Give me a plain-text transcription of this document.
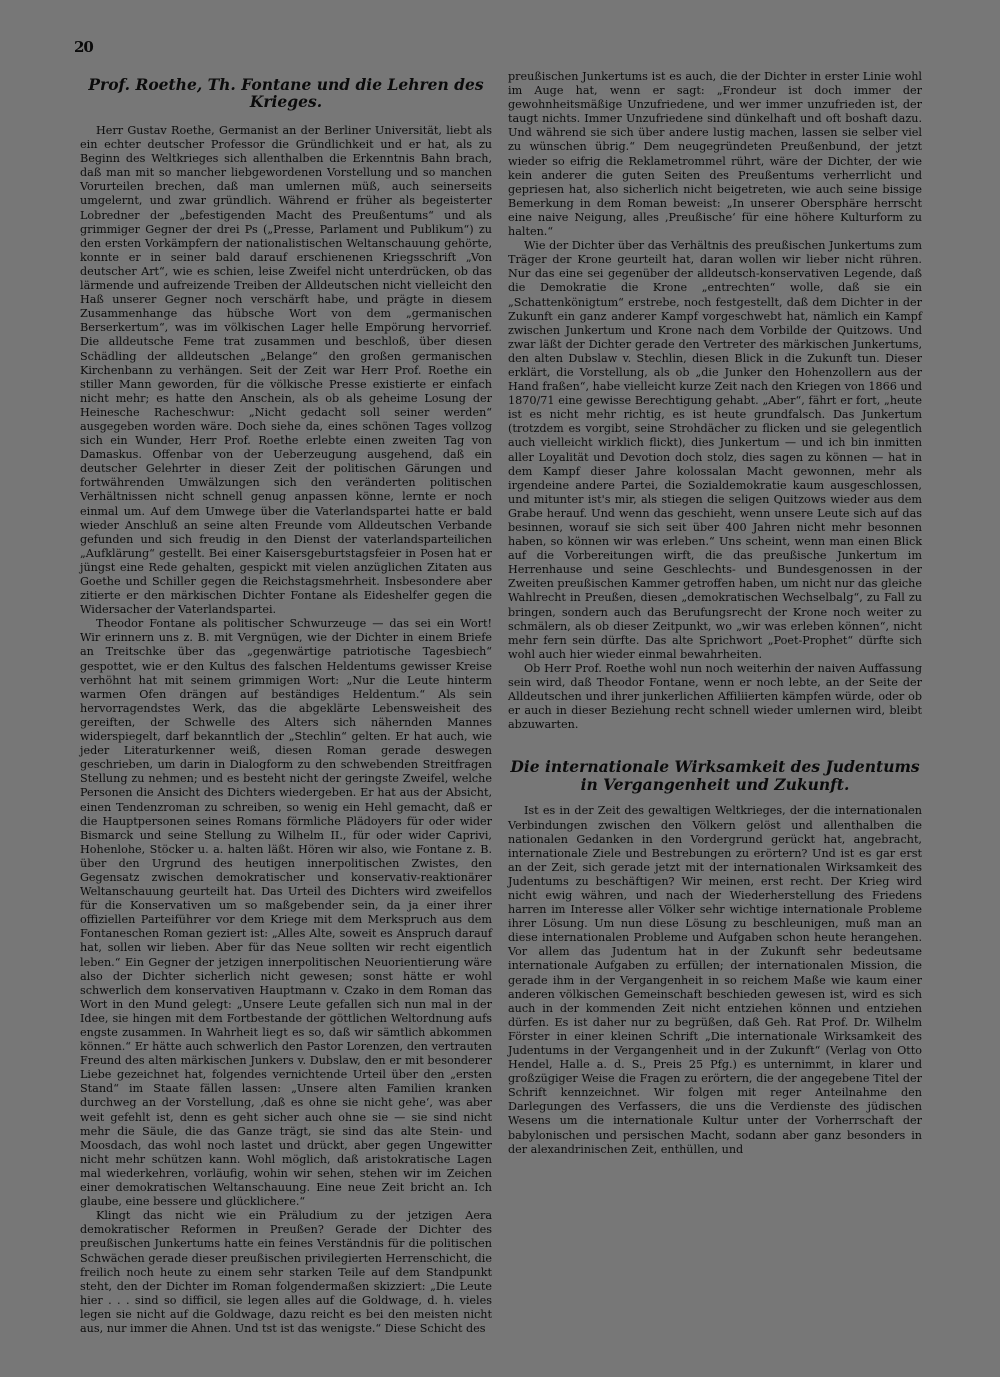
20
Prof. Roethe, Th. Fontane und die Lehren des Krieges.

Herr Gustav Roethe, Germanist an der Berliner Universität, liebt als ein echter deutscher Professor die Gründlichkeit und er hat, als zu Beginn des Weltkrieges sich allenthalben die Erkenntnis Bahn brach, daß man mit so mancher liebgewordenen Vorstellung und so manchen Vorurteilen brechen, daß man umlernen müß, auch seinerseits umgelernt, und zwar gründlich. Während er früher als begeisterter Lobredner der „befestigenden Macht des Preußentums“ und als grimmiger Gegner der drei Ps („Presse, Parlament und Publikum“) zu den ersten Vorkämpfern der nationalistischen Weltanschauung gehörte, konnte er in seiner bald darauf erschienenen Kriegsschrift „Von deutscher Art“, wie es schien, leise Zweifel nicht unterdrücken, ob das lärmende und aufreizende Treiben der Alldeutschen nicht vielleicht den Haß unserer Gegner noch verschärft habe, und prägte in diesem Zusammenhange das hübsche Wort von dem „germanischen Berserkertum“, was im völkischen Lager helle Empörung hervorrief. Die alldeutsche Feme trat zusammen und beschloß, über diesen Schädling der alldeutschen „Belange“ den großen germanischen Kirchenbann zu verhängen. Seit der Zeit war Herr Prof. Roethe ein stiller Mann geworden, für die völkische Presse existierte er einfach nicht mehr; es hatte den Anschein, als ob als geheime Losung der Heinesche Racheschwur: „Nicht gedacht soll seiner werden“ ausgegeben worden wäre. Doch siehe da, eines schönen Tages vollzog sich ein Wunder, Herr Prof. Roethe erlebte einen zweiten Tag von Damaskus. Offenbar von der Ueberzeugung ausgehend, daß ein deutscher Gelehrter in dieser Zeit der politischen Gärungen und fortwährenden Umwälzungen sich den veränderten politischen Verhältnissen nicht schnell genug anpassen könne, lernte er noch einmal um. Auf dem Umwege über die Vaterlandspartei hatte er bald wieder Anschluß an seine alten Freunde vom Alldeutschen Verbande gefunden und sich freudig in den Dienst der vaterlandsparteilichen „Aufklärung“ gestellt. Bei einer Kaisersgeburtstagsfeier in Posen hat er jüngst eine Rede gehalten, gespickt mit vielen anzüglichen Zitaten aus Goethe und Schiller gegen die Reichstagsmehrheit. Insbesondere aber zitierte er den märkischen Dichter Fontane als Eideshelfer gegen die Widersacher der Vaterlandspartei.

Theodor Fontane als politischer Schwurzeuge — das sei ein Wort! Wir erinnern uns z. B. mit Vergnügen, wie der Dichter in einem Briefe an Treitschke über das „gegenwärtige patriotische Tagesbiech“ gespottet, wie er den Kultus des falschen Heldentums gewisser Kreise verhöhnt hat mit seinem grimmigen Wort: „Nur die Leute hinterm warmen Ofen drängen auf beständiges Heldentum.“ Als sein hervorragendstes Werk, das die abgeklärte Lebensweisheit des gereiften, der Schwelle des Alters sich nähernden Mannes widerspiegelt, darf bekanntlich der „Stechlin“ gelten. Er hat auch, wie jeder Literaturkenner weiß, diesen Roman gerade deswegen geschrieben, um darin in Dialogform zu den schwebenden Streitfragen Stellung zu nehmen; und es besteht nicht der geringste Zweifel, welche Personen die Ansicht des Dichters wiedergeben. Er hat aus der Absicht, einen Tendenzroman zu schreiben, so wenig ein Hehl gemacht, daß er die Hauptpersonen seines Romans förmliche Plädoyers für oder wider Bismarck und seine Stellung zu Wilhelm II., für oder wider Caprivi, Hohenlohe, Stöcker u. a. halten läßt. Hören wir also, wie Fontane z. B. über den Urgrund des heutigen innerpolitischen Zwistes, den Gegensatz zwischen demokratischer und konservativ-reaktionärer Weltanschauung geurteilt hat. Das Urteil des Dichters wird zweifellos für die Konservativen um so maßgebender sein, da ja einer ihrer offiziellen Parteiführer vor dem Kriege mit dem Merkspruch aus dem Fontaneschen Roman geziert ist: „Alles Alte, soweit es Anspruch darauf hat, sollen wir lieben. Aber für das Neue sollten wir recht eigentlich leben.“ Ein Gegner der jetzigen innerpolitischen Neuorientierung wäre also der Dichter sicherlich nicht gewesen; sonst hätte er wohl schwerlich dem konservativen Hauptmann v. Czako in dem Roman das Wort in den Mund gelegt: „Unsere Leute gefallen sich nun mal in der Idee, sie hingen mit dem Fortbestande der göttlichen Weltordnung aufs engste zusammen. In Wahrheit liegt es so, daß wir sämtlich abkommen können.“ Er hätte auch schwerlich den Pastor Lorenzen, den vertrauten Freund des alten märkischen Junkers v. Dubslaw, den er mit besonderer Liebe gezeichnet hat, folgendes vernichtende Urteil über den „ersten Stand“ im Staate fällen lassen: „Unsere alten Familien kranken durchweg an der Vorstellung, ‚daß es ohne sie nicht gehe‘, was aber weit gefehlt ist, denn es geht sicher auch ohne sie — sie sind nicht mehr die Säule, die das Ganze trägt, sie sind das alte Stein- und Moosdach, das wohl noch lastet und drückt, aber gegen Ungewitter nicht mehr schützen kann. Wohl möglich, daß aristokratische Lagen mal wiederkehren, vorläufig, wohin wir sehen, stehen wir im Zeichen einer demokratischen Weltanschauung. Eine neue Zeit bricht an. Ich glaube, eine bessere und glücklichere.“

Klingt das nicht wie ein Präludium zu der jetzigen Aera demokratischer Reformen in Preußen? Gerade der Dichter des preußischen Junkertums hatte ein feines Verständnis für die politischen Schwächen gerade dieser preußischen privilegierten Herrenschicht, die freilich noch heute zu einem sehr starken Teile auf dem Standpunkt steht, den der Dichter im Roman folgendermaßen skizziert: „Die Leute hier . . . sind so difficil, sie legen alles auf die Goldwage, d. h. vieles legen sie nicht auf die Goldwage, dazu reicht es bei den meisten nicht aus, nur immer die Ahnen. Und tst ist das wenigste.“ Diese Schicht des

preußischen Junkertums ist es auch, die der Dichter in erster Linie wohl im Auge hat, wenn er sagt: „Frondeur ist doch immer der gewohnheitsmäßige Unzufriedene, und wer immer unzufrieden ist, der taugt nichts. Immer Unzufriedene sind dünkelhaft und oft boshaft dazu. Und während sie sich über andere lustig machen, lassen sie selber viel zu wünschen übrig.“ Dem neugegründeten Preußenbund, der jetzt wieder so eifrig die Reklametrommel rührt, wäre der Dichter, der wie kein anderer die guten Seiten des Preußentums verherrlicht und gepriesen hat, also sicherlich nicht beigetreten, wie auch seine bissige Bemerkung in dem Roman beweist: „In unserer Obersphäre herrscht eine naive Neigung, alles ‚Preußische‘ für eine höhere Kulturform zu halten.“

Wie der Dichter über das Verhältnis des preußischen Junkertums zum Träger der Krone geurteilt hat, daran wollen wir lieber nicht rühren. Nur das eine sei gegenüber der alldeutsch-konservativen Legende, daß die Demokratie die Krone „entrechten“ wolle, daß sie ein „Schattenkönigtum“ erstrebe, noch festgestellt, daß dem Dichter in der Zukunft ein ganz anderer Kampf vorgeschwebt hat, nämlich ein Kampf zwischen Junkertum und Krone nach dem Vorbilde der Quitzows. Und zwar läßt der Dichter gerade den Vertreter des märkischen Junkertums, den alten Dubslaw v. Stechlin, diesen Blick in die Zukunft tun. Dieser erklärt, die Vorstellung, als ob „die Junker den Hohenzollern aus der Hand fraßen“, habe vielleicht kurze Zeit nach den Kriegen von 1866 und 1870/71 eine gewisse Berechtigung gehabt. „Aber“, fährt er fort, „heute ist es nicht mehr richtig, es ist heute grundfalsch. Das Junkertum (trotzdem es vorgibt, seine Strohdächer zu flicken und sie gelegentlich auch vielleicht wirklich flickt), dies Junkertum — und ich bin inmitten aller Loyalität und Devotion doch stolz, dies sagen zu können — hat in dem Kampf dieser Jahre kolossalan Macht gewonnen, mehr als irgendeine andere Partei, die Sozialdemokratie kaum ausgeschlossen, und mitunter ist's mir, als stiegen die seligen Quitzows wieder aus dem Grabe herauf. Und wenn das geschieht, wenn unsere Leute sich auf das besinnen, worauf sie sich seit über 400 Jahren nicht mehr besonnen haben, so können wir was erleben.“ Uns scheint, wenn man einen Blick auf die Vorbereitungen wirft, die das preußische Junkertum im Herrenhause und seine Geschlechts- und Bundesgenossen in der Zweiten preußischen Kammer getroffen haben, um nicht nur das gleiche Wahlrecht in Preußen, diesen „demokratischen Wechselbalg“, zu Fall zu bringen, sondern auch das Berufungsrecht der Krone noch weiter zu schmälern, als ob dieser Zeitpunkt, wo „wir was erleben können“, nicht mehr fern sein dürfte. Das alte Sprichwort „Poet-Prophet“ dürfte sich wohl auch hier wieder einmal bewahrheiten.

Ob Herr Prof. Roethe wohl nun noch weiterhin der naiven Auffassung sein wird, daß Theodor Fontane, wenn er noch lebte, an der Seite der Alldeutschen und ihrer junkerlichen Affiliierten kämpfen würde, oder ob er auch in dieser Beziehung recht schnell wieder umlernen wird, bleibt abzuwarten.

Die internationale Wirksamkeit des Judentums in Vergangenheit und Zukunft.

Ist es in der Zeit des gewaltigen Weltkrieges, der die internationalen Verbindungen zwischen den Völkern gelöst und allenthalben die nationalen Gedanken in den Vordergrund gerückt hat, angebracht, internationale Ziele und Bestrebungen zu erörtern? Und ist es gar erst an der Zeit, sich gerade jetzt mit der internationalen Wirksamkeit des Judentums zu beschäftigen? Wir meinen, erst recht. Der Krieg wird nicht ewig währen, und nach der Wiederherstellung des Friedens harren im Interesse aller Völker sehr wichtige internationale Probleme ihrer Lösung. Um nun diese Lösung zu beschleunigen, muß man an diese internationalen Probleme und Aufgaben schon heute herangehen. Vor allem das Judentum hat in der Zukunft sehr bedeutsame internationale Aufgaben zu erfüllen; der internationalen Mission, die gerade ihm in der Vergangenheit in so reichem Maße wie kaum einer anderen völkischen Gemeinschaft beschieden gewesen ist, wird es sich auch in der kommenden Zeit nicht entziehen können und entziehen dürfen. Es ist daher nur zu begrüßen, daß Geh. Rat Prof. Dr. Wilhelm Förster in einer kleinen Schrift „Die internationale Wirksamkeit des Judentums in der Vergangenheit und in der Zukunft“ (Verlag von Otto Hendel, Halle a. d. S., Preis 25 Pfg.) es unternimmt, in klarer und großzügiger Weise die Fragen zu erörtern, die der angegebene Titel der Schrift kennzeichnet. Wir folgen mit reger Anteilnahme den Darlegungen des Verfassers, die uns die Verdienste des jüdischen Wesens um die internationale Kultur unter der Vorherrschaft der babylonischen und persischen Macht, sodann aber ganz besonders in der alexandrinischen Zeit, enthüllen, und
